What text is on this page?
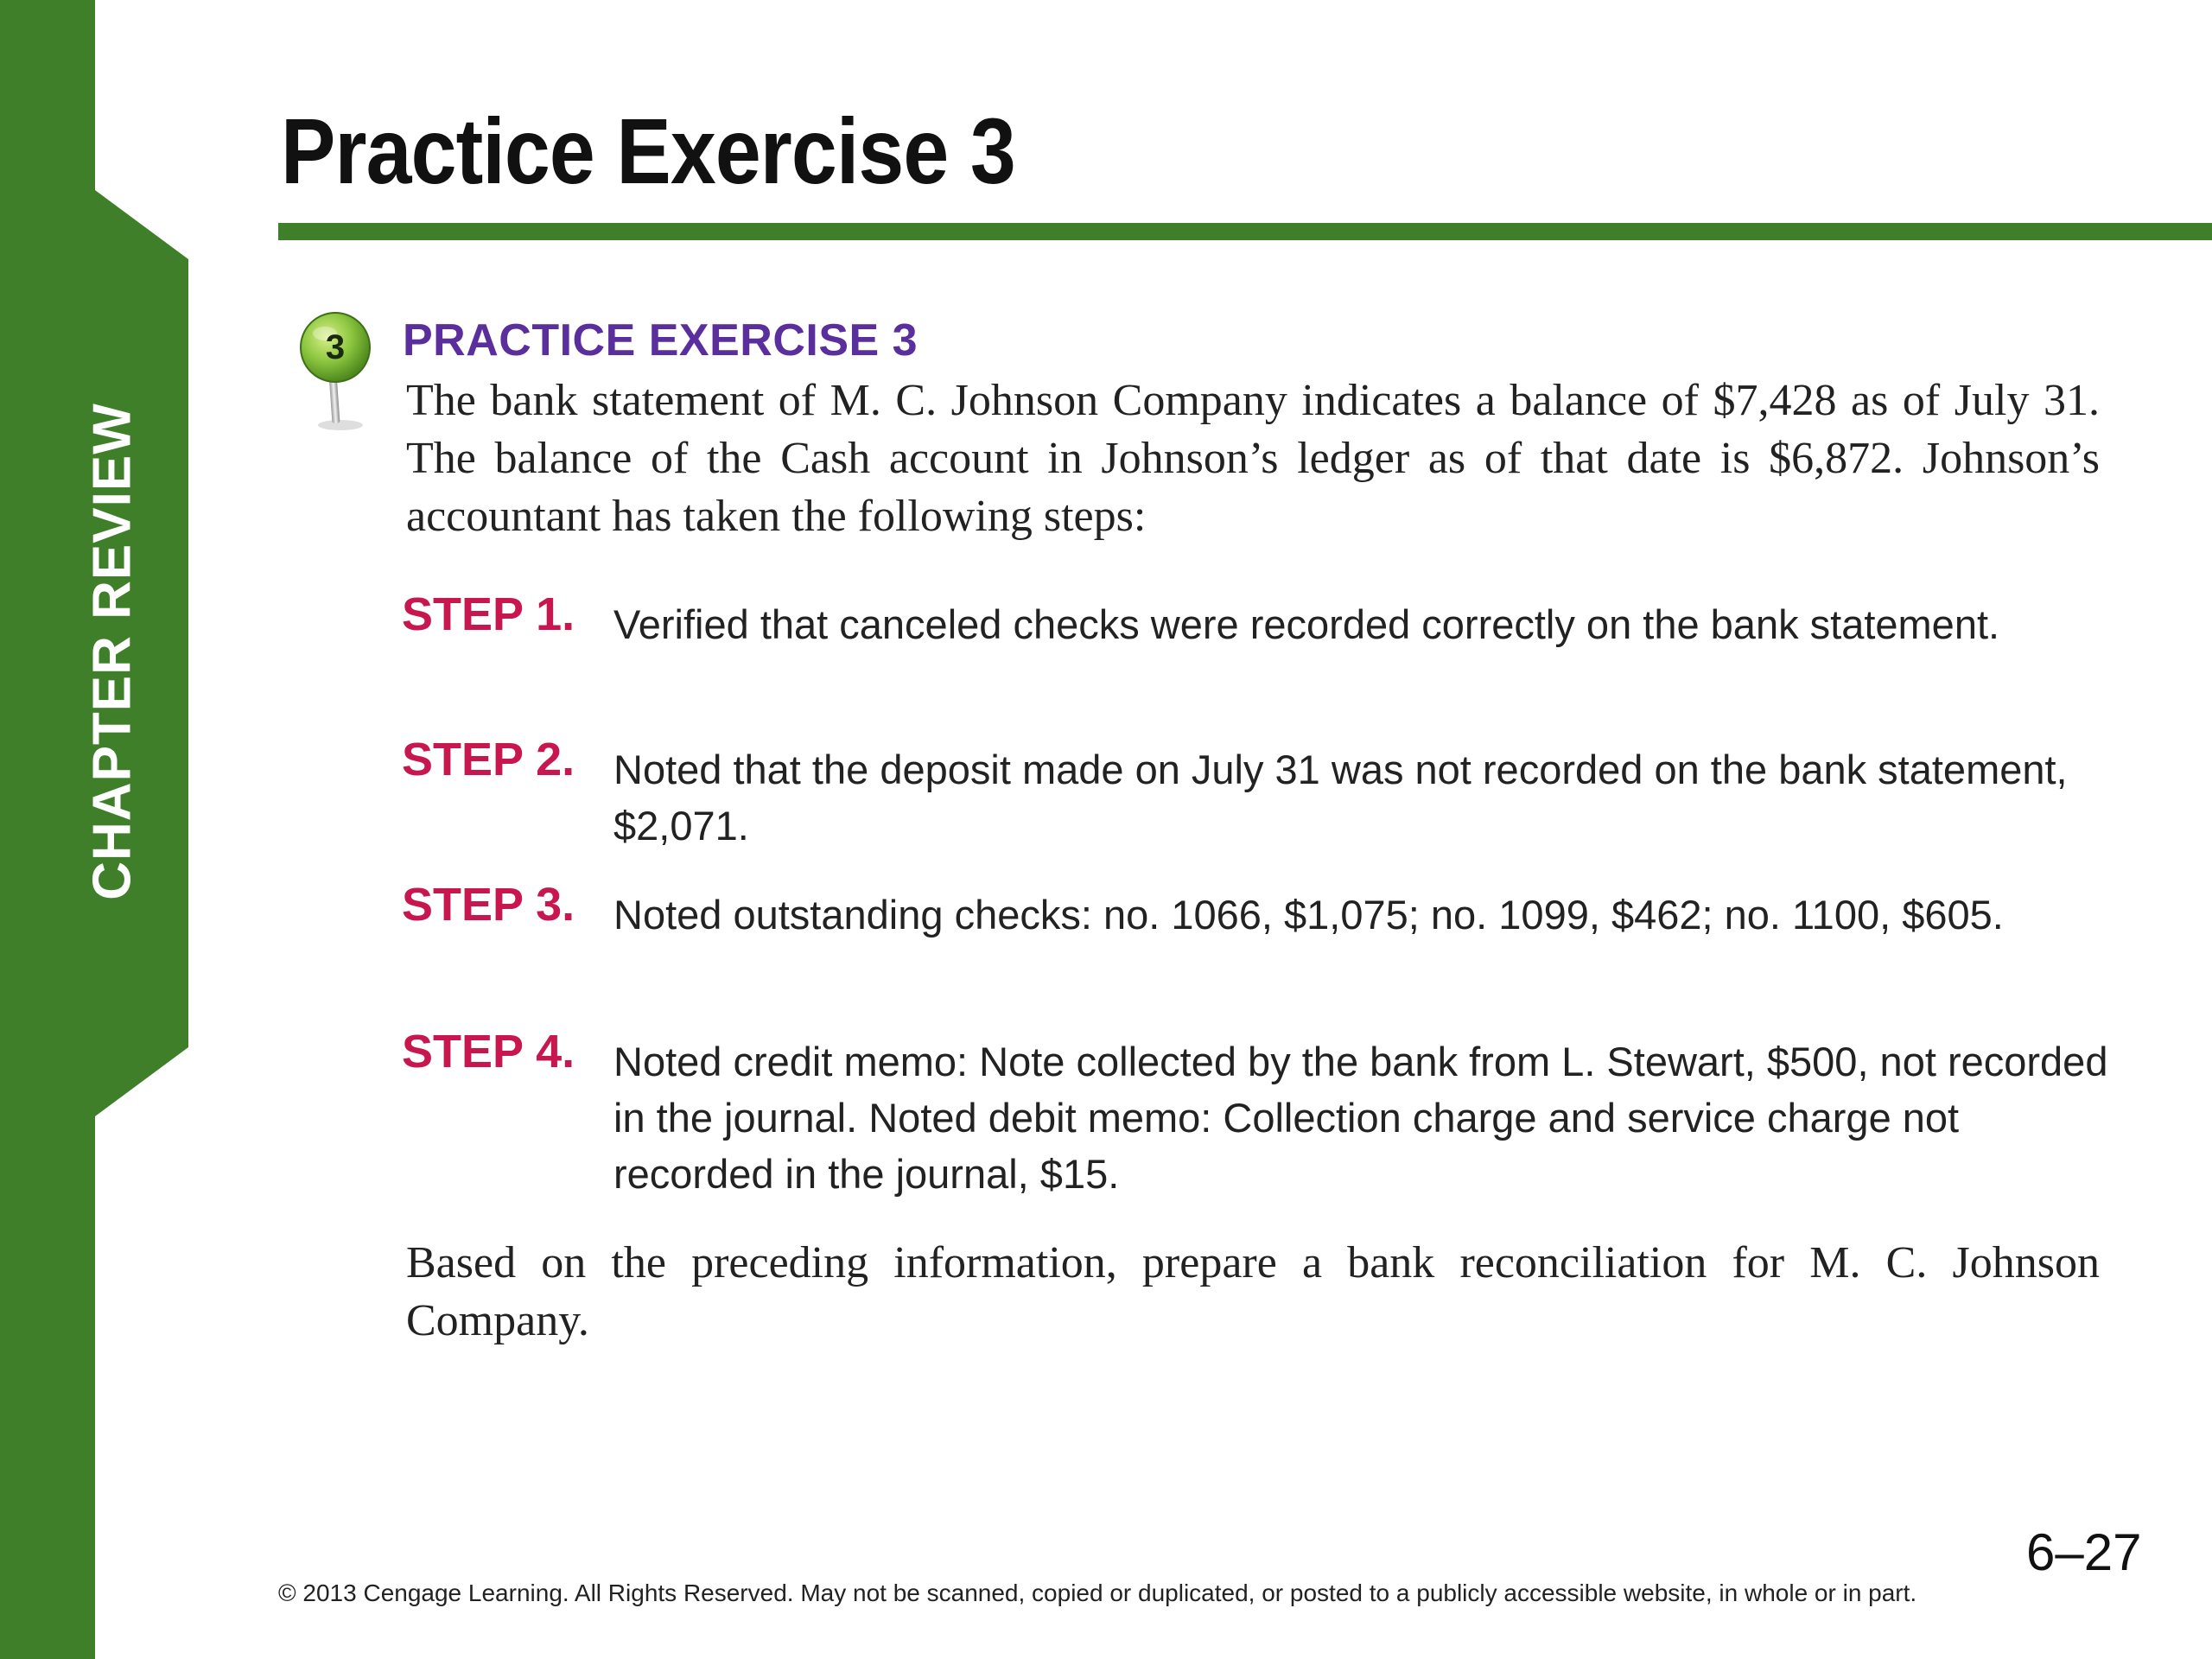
CHAPTER REVIEW
Practice Exercise 3
3	PRACTICE EXERCISE 3
The bank statement of M. C. Johnson Company indicates a balance of $7,428 as of July 31. The balance of the Cash account in Johnson’s ledger as of that date is $6,872. Johnson’s accountant has taken the following steps:
STEP 1. Verified that canceled checks were recorded correctly on the bank statement.
STEP 2. Noted that the deposit made on July 31 was not recorded on the bank statement, $2,071.
STEP 3. Noted outstanding checks: no. 1066, $1,075; no. 1099, $462; no. 1100, $605.
STEP 4. Noted credit memo: Note collected by the bank from L. Stewart, $500, not recorded in the journal. Noted debit memo: Collection charge and service charge not recorded in the journal, $15.
Based on the preceding information, prepare a bank reconciliation for M. C. Johnson Company.
6–27
© 2013 Cengage Learning. All Rights Reserved. May not be scanned, copied or duplicated, or posted to a publicly accessible website, in whole or in part.
